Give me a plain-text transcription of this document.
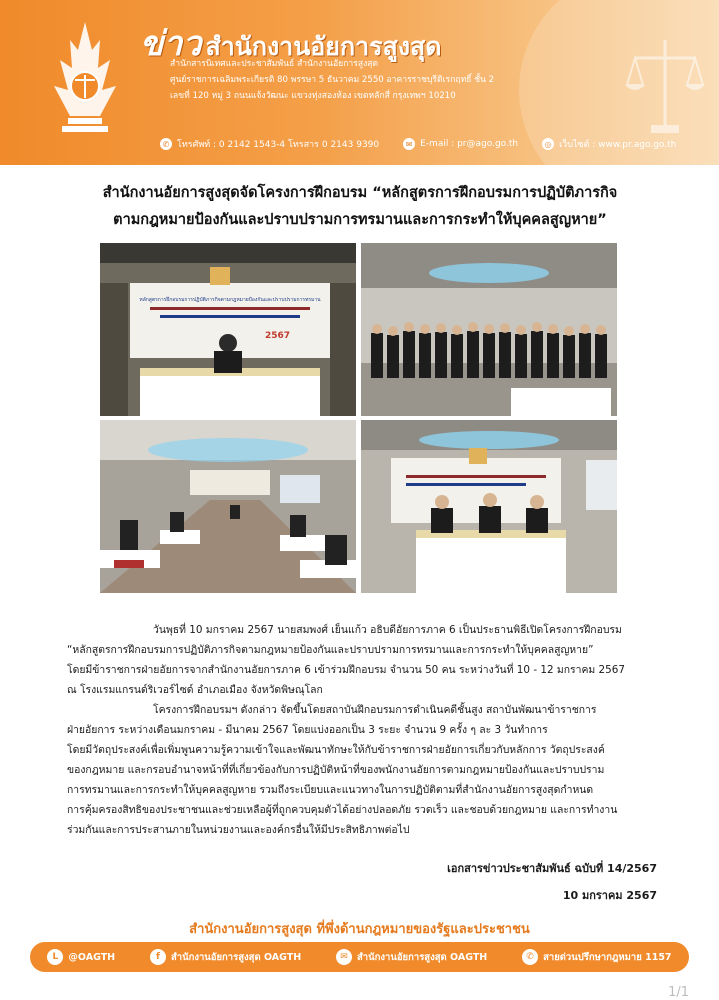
ข่าว สำนักงานอัยการสูงสุด
สำนักสารนิเทศและประชาสัมพันธ์ สำนักงานอัยการสูงสุด
ศูนย์ราชการเฉลิมพระเกียรติ 80 พรรษา 5 ธันวาคม 2550 อาคารราชบุรีดิเรกฤทธิ์ ชั้น 2
เลขที่ 120 หมู่ 3 ถนนแจ้งวัฒนะ แขวงทุ่งสองห้อง เขตหลักสี่ กรุงเทพฯ 10210
✆ โทรศัพท์ : 0 2142 1543-4 โทรสาร 0 2143 9390	✉ E-mail : pr@ago.go.th	◎ เว็บไซต์ : www.pr.ago.go.th
สำนักงานอัยการสูงสุดจัดโครงการฝึกอบรม “หลักสูตรการฝึกอบรมการปฏิบัติภารกิจ
ตามกฎหมายป้องกันและปราบปรามการทรมานและการกระทำให้บุคคลสูญหาย”
หลักสูตรการฝึกอบรมการปฏิบัติภารกิจตามกฎหมายป้องกันและปราบปรามการทรมาน
2567
วันพุธที่ 10 มกราคม 2567 นายสมพงศ์ เย็นแก้ว อธิบดีอัยการภาค 6 เป็นประธานพิธีเปิดโครงการฝึกอบรม
“หลักสูตรการฝึกอบรมการปฏิบัติภารกิจตามกฎหมายป้องกันและปราบปรามการทรมานและการกระทำให้บุคคลสูญหาย”
โดยมีข้าราชการฝ่ายอัยการจากสำนักงานอัยการภาค 6 เข้าร่วมฝึกอบรม จำนวน 50 คน ระหว่างวันที่ 10 - 12 มกราคม 2567
ณ โรงแรมแกรนด์ริเวอร์ไซด์ อำเภอเมือง จังหวัดพิษณุโลก
โครงการฝึกอบรมฯ ดังกล่าว จัดขึ้นโดยสถาบันฝึกอบรมการดำเนินคดีชั้นสูง สถาบันพัฒนาข้าราชการ
ฝ่ายอัยการ ระหว่างเดือนมกราคม - มีนาคม 2567 โดยแบ่งออกเป็น 3 ระยะ จำนวน 9 ครั้ง ๆ ละ 3 วันทำการ
โดยมีวัตถุประสงค์เพื่อเพิ่มพูนความรู้ความเข้าใจและพัฒนาทักษะให้กับข้าราชการฝ่ายอัยการเกี่ยวกับหลักการ วัตถุประสงค์
ของกฎหมาย และกรอบอำนาจหน้าที่ที่เกี่ยวข้องกับการปฏิบัติหน้าที่ของพนักงานอัยการตามกฎหมายป้องกันและปราบปราม
การทรมานและการกระทำให้บุคคลสูญหาย รวมถึงระเบียบและแนวทางในการปฏิบัติตามที่สำนักงานอัยการสูงสุดกำหนด
การคุ้มครองสิทธิของประชาชนและช่วยเหลือผู้ที่ถูกควบคุมตัวได้อย่างปลอดภัย รวดเร็ว และชอบด้วยกฎหมาย และการทำงาน
ร่วมกันและการประสานภายในหน่วยงานและองค์กรอื่นให้มีประสิทธิภาพต่อไป
เอกสารข่าวประชาสัมพันธ์ ฉบับที่ 14/2567
10 มกราคม 2567
สำนักงานอัยการสูงสุด ที่พึ่งด้านกฎหมายของรัฐและประชาชน
L	@OAGTH	f	สำนักงานอัยการสูงสุด OAGTH	✉ สำนักงานอัยการสูงสุด OAGTH	✆ สายด่วนปรึกษากฎหมาย 1157
1/1
